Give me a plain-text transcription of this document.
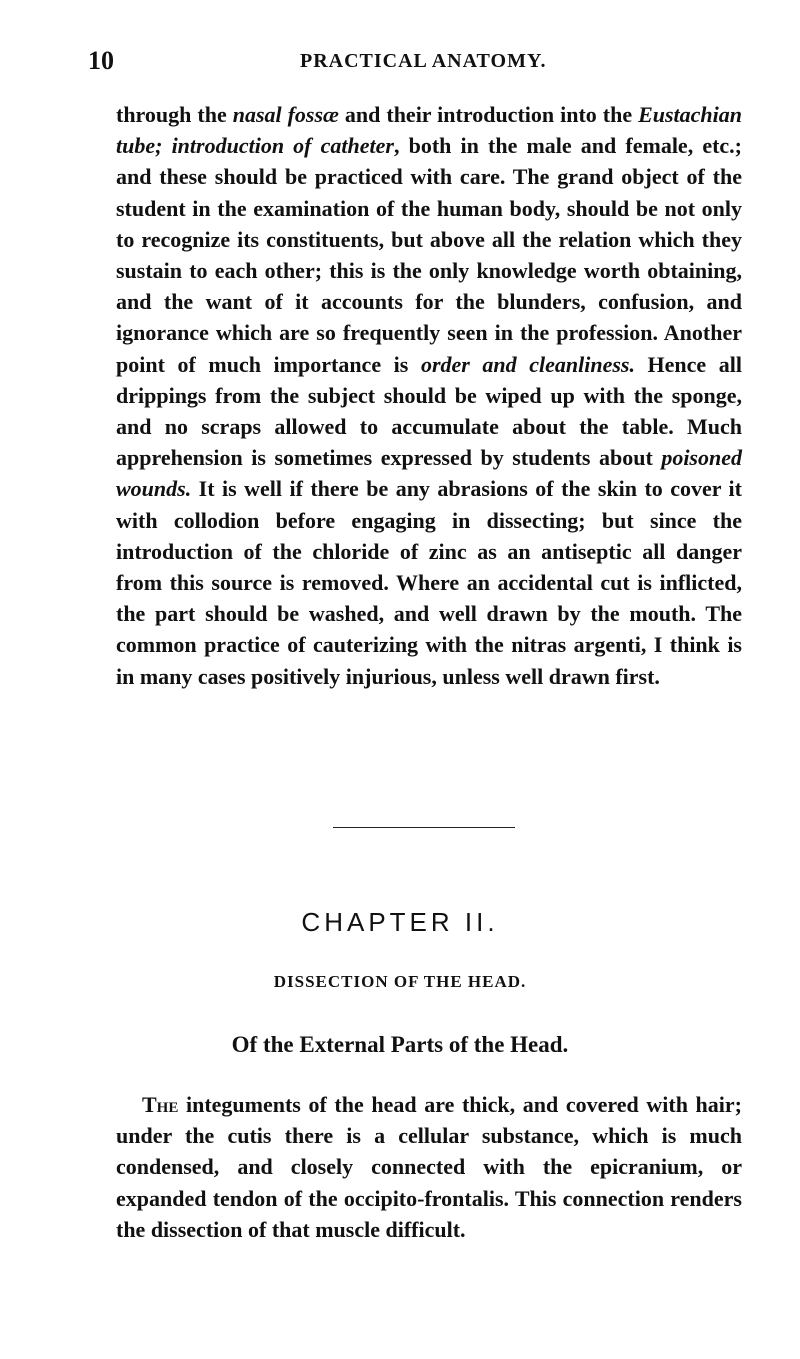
10	PRACTICAL ANATOMY.

through the nasal fossæ and their introduction into the Eustachian tube; introduction of catheter, both in the male and female, etc.; and these should be practiced with care. The grand object of the student in the examination of the human body, should be not only to recognize its constituents, but above all the relation which they sustain to each other; this is the only knowledge worth obtaining, and the want of it accounts for the blunders, confusion, and ignorance which are so frequently seen in the profession. Another point of much importance is order and cleanliness. Hence all drippings from the subject should be wiped up with the sponge, and no scraps allowed to accumulate about the table. Much apprehension is sometimes expressed by students about poisoned wounds. It is well if there be any abrasions of the skin to cover it with collodion before engaging in dissecting; but since the introduction of the chloride of zinc as an antiseptic all danger from this source is removed. Where an accidental cut is inflicted, the part should be washed, and well drawn by the mouth. The common practice of cauterizing with the nitras argenti, I think is in many cases positively injurious, unless well drawn first.

CHAPTER II.
DISSECTION OF THE HEAD.
Of the External Parts of the Head.

The integuments of the head are thick, and covered with hair; under the cutis there is a cellular substance, which is much condensed, and closely connected with the epicranium, or expanded tendon of the occipito-frontalis. This connection renders the dissection of that muscle difficult.
